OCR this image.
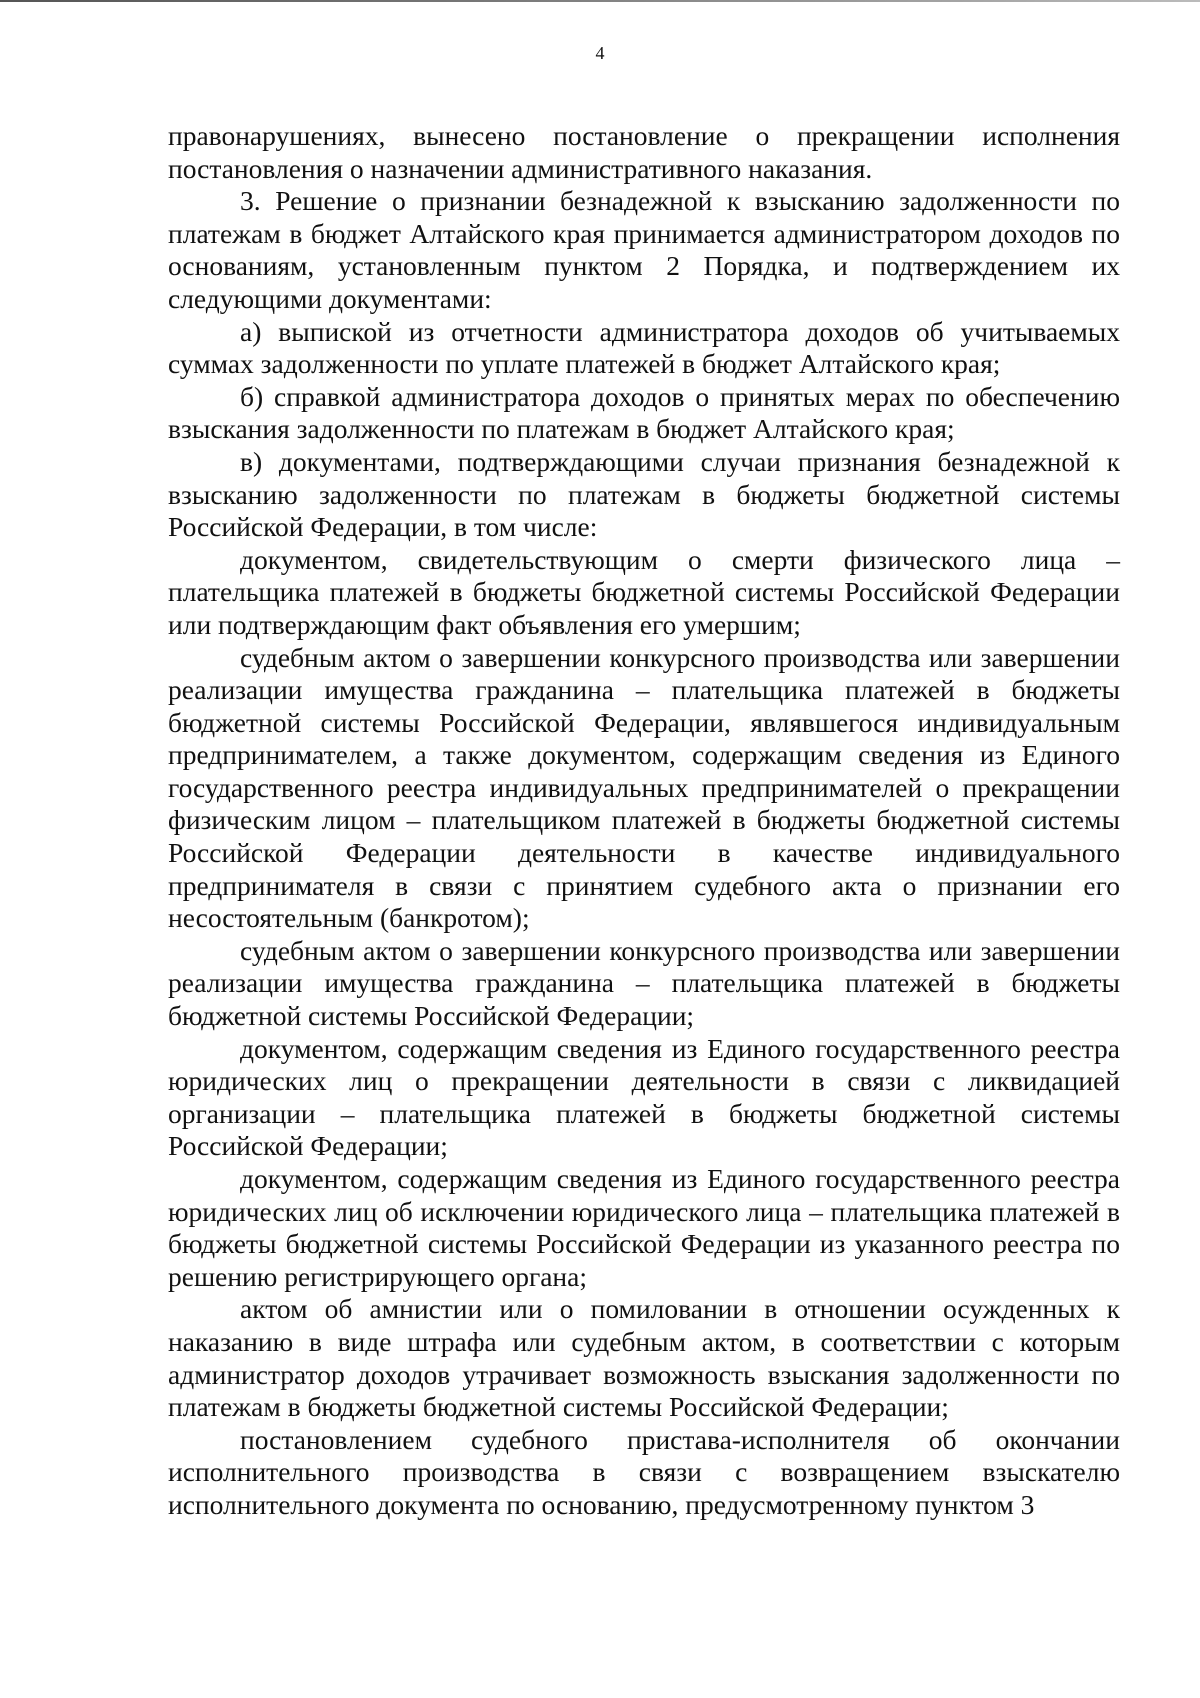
4

правонарушениях, вынесено постановление о прекращении исполнения постановления о назначении административного наказания.

3. Решение о признании безнадежной к взысканию задолженности по платежам в бюджет Алтайского края принимается администратором доходов по основаниям, установленным пунктом 2 Порядка, и подтверждением их следующими документами:

а) выпиской из отчетности администратора доходов об учитываемых суммах задолженности по уплате платежей в бюджет Алтайского края;

б) справкой администратора доходов о принятых мерах по обеспечению взыскания задолженности по платежам в бюджет Алтайского края;

в) документами, подтверждающими случаи признания безнадежной к взысканию задолженности по платежам в бюджеты бюджетной системы Российской Федерации, в том числе:

документом, свидетельствующим о смерти физического лица – плательщика платежей в бюджеты бюджетной системы Российской Федерации или подтверждающим факт объявления его умершим;

судебным актом о завершении конкурсного производства или завершении реализации имущества гражданина – плательщика платежей в бюджеты бюджетной системы Российской Федерации, являвшегося индивидуальным предпринимателем, а также документом, содержащим сведения из Единого государственного реестра индивидуальных предпринимателей о прекращении физическим лицом – плательщиком платежей в бюджеты бюджетной системы Российской Федерации деятельности в качестве индивидуального предпринимателя в связи с принятием судебного акта о признании его несостоятельным (банкротом);

судебным актом о завершении конкурсного производства или завершении реализации имущества гражданина – плательщика платежей в бюджеты бюджетной системы Российской Федерации;

документом, содержащим сведения из Единого государственного реестра юридических лиц о прекращении деятельности в связи с ликвидацией организации – плательщика платежей в бюджеты бюджетной системы Российской Федерации;

документом, содержащим сведения из Единого государственного реестра юридических лиц об исключении юридического лица – плательщика платежей в бюджеты бюджетной системы Российской Федерации из указанного реестра по решению регистрирующего органа;

актом об амнистии или о помиловании в отношении осужденных к наказанию в виде штрафа или судебным актом, в соответствии с которым администратор доходов утрачивает возможность взыскания задолженности по платежам в бюджеты бюджетной системы Российской Федерации;

постановлением судебного пристава-исполнителя об окончании исполнительного производства в связи с возвращением взыскателю исполнительного документа по основанию, предусмотренному пунктом 3
